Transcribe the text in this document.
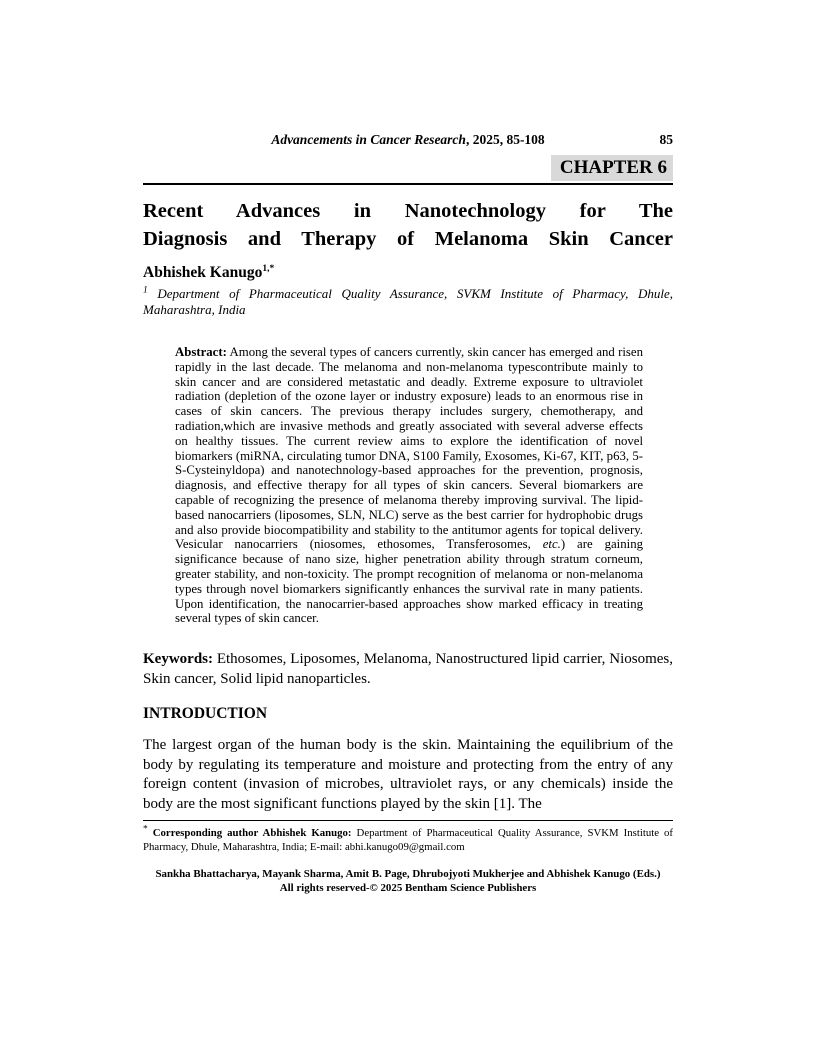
Advancements in Cancer Research, 2025, 85-108	85
CHAPTER 6
Recent Advances in Nanotechnology for The
Diagnosis and Therapy of Melanoma Skin Cancer
Abhishek Kanugo$^{1,*}$
$^1$ Department of Pharmaceutical Quality Assurance, SVKM Institute of Pharmacy, Dhule, Maharashtra, India
Abstract: Among the several types of cancers currently, skin cancer has emerged and risen rapidly in the last decade. The melanoma and non-melanoma typescontribute mainly to skin cancer and are considered metastatic and deadly. Extreme exposure to ultraviolet radiation (depletion of the ozone layer or industry exposure) leads to an enormous rise in cases of skin cancers. The previous therapy includes surgery, chemotherapy, and radiation,which are invasive methods and greatly associated with several adverse effects on healthy tissues. The current review aims to explore the identification of novel biomarkers (miRNA, circulating tumor DNA, S100 Family, Exosomes, Ki-67, KIT, p63, 5-S-Cysteinyldopa) and nanotechnology-based approaches for the prevention, prognosis, diagnosis, and effective therapy for all types of skin cancers. Several biomarkers are capable of recognizing the presence of melanoma thereby improving survival. The lipid-based nanocarriers (liposomes, SLN, NLC) serve as the best carrier for hydrophobic drugs and also provide biocompatibility and stability to the antitumor agents for topical delivery. Vesicular nanocarriers (niosomes, ethosomes, Transferosomes, etc.) are gaining significance because of nano size, higher penetration ability through stratum corneum, greater stability, and non-toxicity. The prompt recognition of melanoma or non-melanoma types through novel biomarkers significantly enhances the survival rate in many patients. Upon identification, the nanocarrier-based approaches show marked efficacy in treating several types of skin cancer.
Keywords: Ethosomes, Liposomes, Melanoma, Nanostructured lipid carrier, Niosomes, Skin cancer, Solid lipid nanoparticles.
INTRODUCTION

The largest organ of the human body is the skin. Maintaining the equilibrium of the body by regulating its temperature and moisture and protecting from the entry of any foreign content (invasion of microbes, ultraviolet rays, or any chemicals) inside the body are the most significant functions played by the skin [1]. The

* Corresponding author Abhishek Kanugo: Department of Pharmaceutical Quality Assurance, SVKM Institute of Pharmacy, Dhule, Maharashtra, India; E-mail: abhi.kanugo09@gmail.com
Sankha Bhattacharya, Mayank Sharma, Amit B. Page, Dhrubojyoti Mukherjee and Abhishek Kanugo (Eds.)
All rights reserved-© 2025 Bentham Science Publishers
